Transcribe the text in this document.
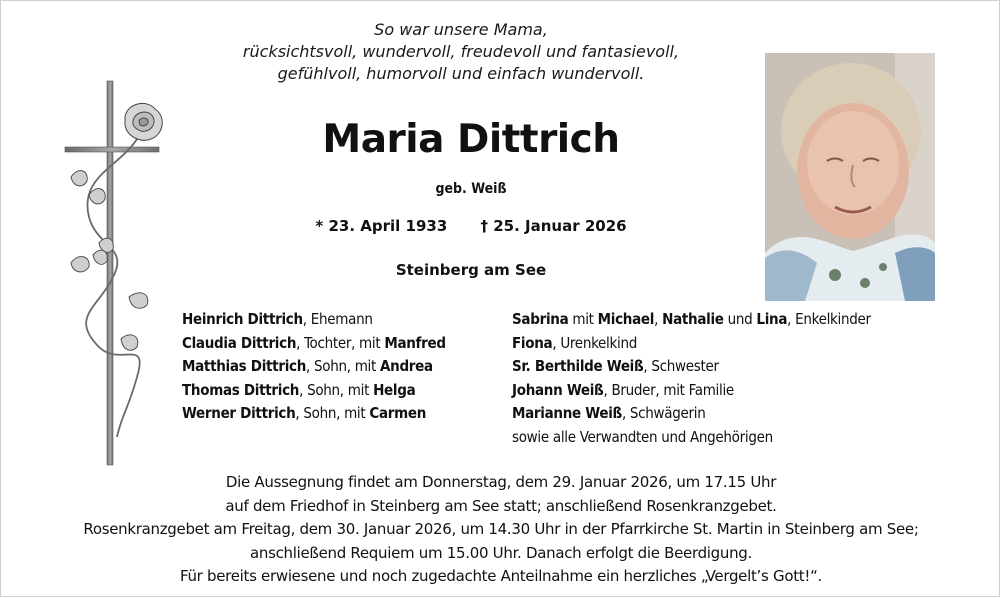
So war unsere Mama,
rücksichtsvoll, wundervoll, freudevoll und fantasievoll,
gefühlvoll, humorvoll und einfach wundervoll.
Maria Dittrich
geb. Weiß
* 23. April 1933 † 25. Januar 2026
Steinberg am See
Heinrich Dittrich, Ehemann
Claudia Dittrich, Tochter, mit Manfred
Matthias Dittrich, Sohn, mit Andrea
Thomas Dittrich, Sohn, mit Helga
Werner Dittrich, Sohn, mit Carmen
Sabrina mit Michael, Nathalie und Lina, Enkelkinder
Fiona, Urenkelkind
Sr. Berthilde Weiß, Schwester
Johann Weiß, Bruder, mit Familie
Marianne Weiß, Schwägerin
sowie alle Verwandten und Angehörigen
Die Aussegnung findet am Donnerstag, dem 29. Januar 2026, um 17.15 Uhr
auf dem Friedhof in Steinberg am See statt; anschließend Rosenkranzgebet.
Rosenkranzgebet am Freitag, dem 30. Januar 2026, um 14.30 Uhr in der Pfarrkirche St. Martin in Steinberg am See;
anschließend Requiem um 15.00 Uhr. Danach erfolgt die Beerdigung.
Für bereits erwiesene und noch zugedachte Anteilnahme ein herzliches „Vergelt’s Gott!“.
